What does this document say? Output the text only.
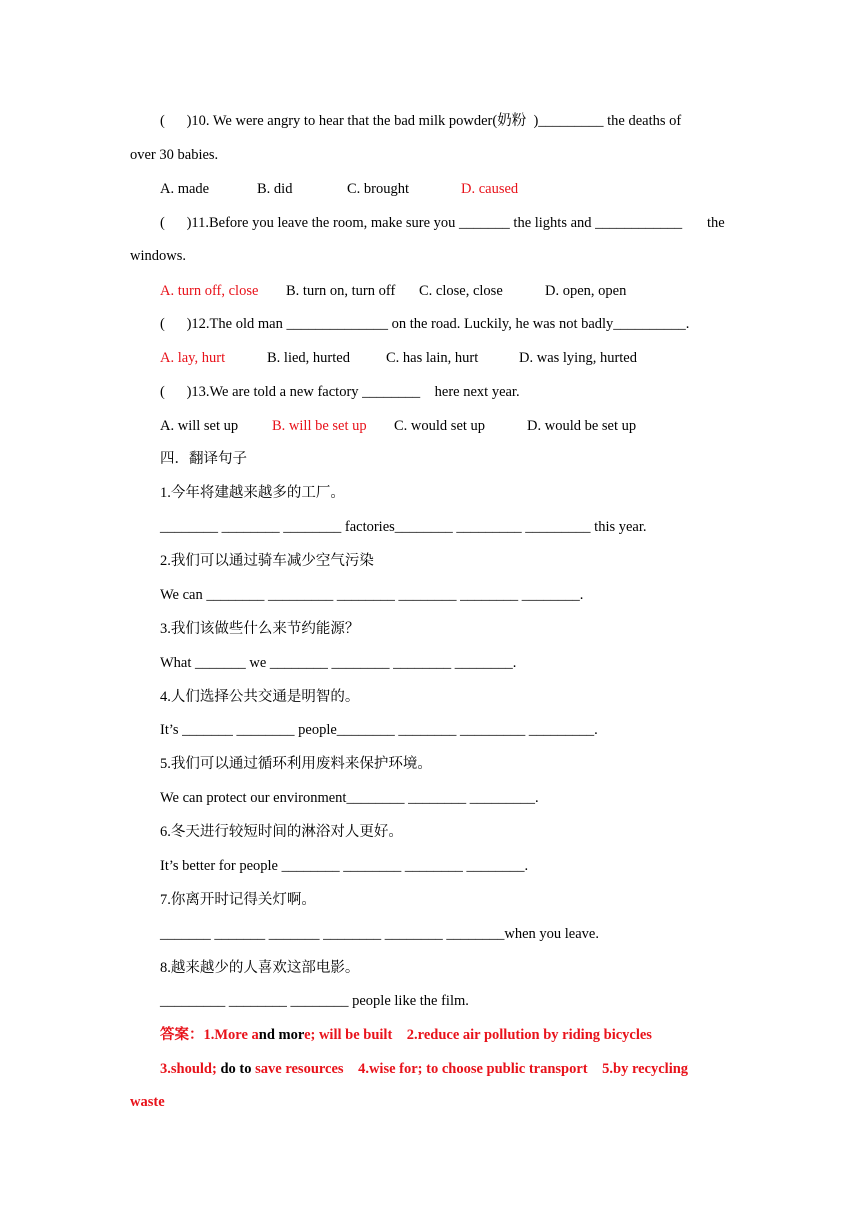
(      )10. We were angry to hear that the bad milk powder(奶粉  )_________ the deaths of
over 30 babies.
windows.
(      )12.The old man ______________ on the road. Luckily, he was not badly__________.
(      )13.We are told a new factory ________    here next year.
四．翻译句子
1.今年将建越来越多的工厂。
________ ________ ________ factories________ _________ _________ this year.
2.我们可以通过骑车减少空气污染
We can ________ _________ ________ ________ ________ ________.
3.我们该做些什么来节约能源？
What _______ we ________ ________ ________ ________.
4.人们选择公共交通是明智的。
It’s _______ ________ people________ ________ _________ _________.
5.我们可以通过循环利用废料来保护环境。
We can protect our environment________ ________ _________.
6.冬天进行较短时间的淋浴对人更好。
It’s better for people ________ ________ ________ ________.
7.你离开时记得关灯啊。
_______ _______ _______ ________ ________ ________when you leave.
8.越来越少的人喜欢这部电影。
_________ ________ ________ people like the film.
A. made	B. did	C. brought	D. caused
(      )11.Before you leave the room, make sure you _______ the lights and ____________ the
A. turn off, close B. turn on, turn off C. close, close	D. open, open
A. lay, hurt	B. lied, hurted C. has lain, hurt	D. was lying, hurted
A. will set up B. will be set up C. would set up	D. would be set up
答案：1.More and more; will be built    2.reduce air pollution by riding bicycles
3.should; do to save resources    4.wise for; to choose public transport    5.by recycling
waste
